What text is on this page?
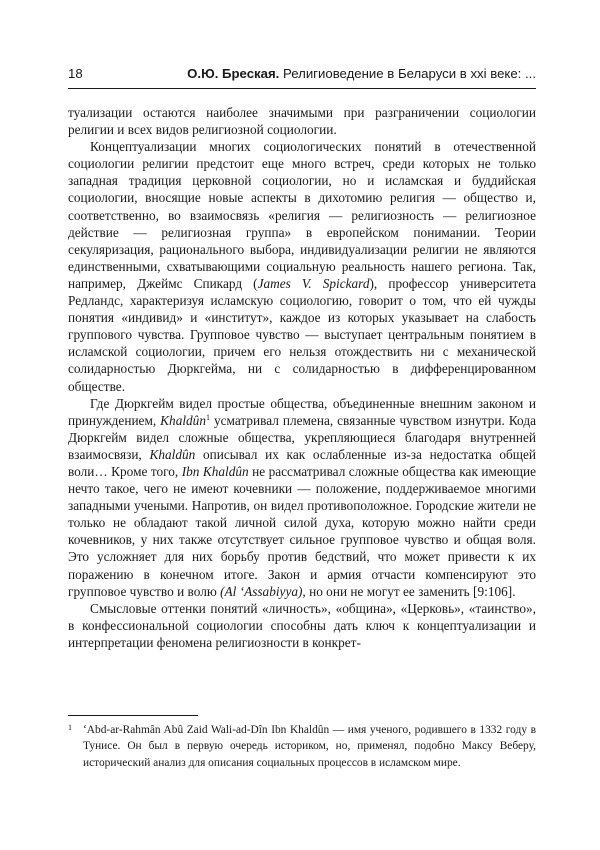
18	О.Ю. Бреская. Религиоведение в Беларуси в xxi веке: ...

туализации остаются наиболее значимыми при разграничении социологии религии и всех видов религиозной социологии.

Концептуализации многих социологических понятий в отечественной социологии религии предстоит еще много встреч, среди которых не только западная традиция церковной социологии, но и исламская и буддийская социологии, вносящие новые аспекты в дихотомию религия — общество и, соответственно, во взаимосвязь «религия — религиозность — религиозное действие — религиозная группа» в европейском понимании. Теории секуляризация, рационального выбора, индивидуализации религии не являются единственными, схватывающими социальную реальность нашего региона. Так, например, Джеймс Спикард (James V. Spickard), профессор университета Редландс, характеризуя исламскую социологию, говорит о том, что ей чужды понятия «индивид» и «институт», каждое из которых указывает на слабость группового чувства. Групповое чувство — выступает центральным понятием в исламской социологии, причем его нельзя отождествить ни с механической солидарностью Дюркгейма, ни с солидарностью в дифференцированном обществе.

Где Дюркгейм видел простые общества, объединенные внешним законом и принуждением, Khaldûn$^1$ усматривал племена, связанные чувством изнутри. Кода Дюркгейм видел сложные общества, укрепляющиеся благодаря внутренней взаимосвязи, Khaldûn описывал их как ослабленные из-за недостатка общей воли… Кроме того, Ibn Khaldûn не рассматривал сложные общества как имеющие нечто такое, чего не имеют кочевники — положение, поддерживаемое многими западными учеными. Напротив, он видел противоположное. Городские жители не только не обладают такой личной силой духа, которую можно найти среди кочевников, у них также отсутствует сильное групповое чувство и общая воля. Это усложняет для них борьбу против бедствий, что может привести к их поражению в конечном итоге. Закон и армия отчасти компенсируют это групповое чувство и волю (Al ‘Assabiyya), но они не могут ее заменить [9:106].

Смысловые оттенки понятий «личность», «община», «Церковь», «таинство», в конфессиональной социологии способны дать ключ к концептуализации и интерпретации феномена религиозности в конкрет-

1 ‘Abd-ar-Rahmân Abû Zaid Wali-ad-Dîn Ibn Khaldûn — имя ученого, родившего в 1332 году в Тунисе. Он был в первую очередь историком, но, применял, подобно Максу Веберу, исторический анализ для описания социальных процессов в исламском мире.
